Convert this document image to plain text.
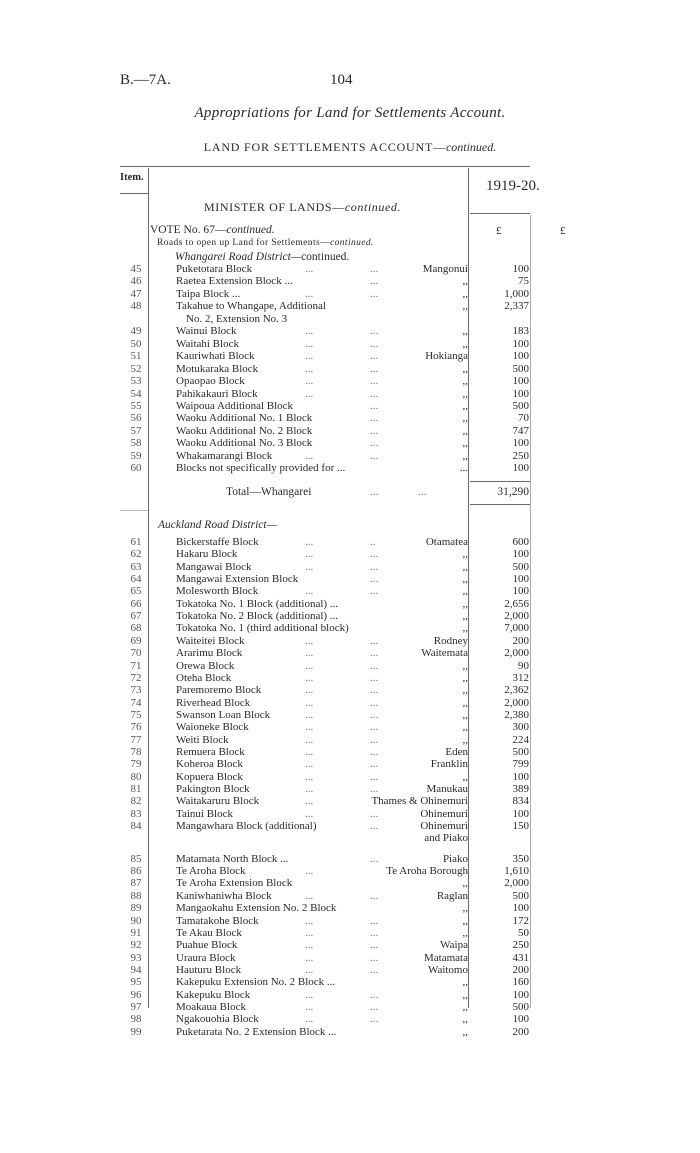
B.—7A.	104
Appropriations for Land for Settlements Account.
LAND FOR SETTLEMENTS ACCOUNT—continued.
Item.
1919-20.
MINISTER OF LANDS—continued.
VOTE No. 67—continued.	£	£
Roads to open up Land for Settlements—continued.
Whangarei Road District—continued.
45	Puketotara Block	...	...	Mangonui	100
46	Raetea Extension Block ...	...	,,	75
47	Taipa Block ...	...	...	,,	1,000
48	Takahue to Whangape, Additional	,,	2,337
No. 2, Extension No. 3
49	Wainui Block	...	...	,,	183
50	Waitahi Block	...	...	,,	100
51	Kauriwhati Block	...	...	Hokianga	100
52	Motukaraka Block	...	...	,,	500
53	Opaopao Block	...	...	,,	100
54	Pahikakauri Block	...	...	,,	100
55	Waipoua Additional Block	...	,,	500
56	Waoku Additional No. 1 Block	...	,,	70
57	Waoku Additional No. 2 Block	...	,,	747
58	Waoku Additional No. 3 Block	...	,,	100
59	Whakamarangi Block	...	...	,,	250
60	Blocks not specifically provided for ...	...	100
Total—Whangarei	...	...	31,290
Auckland Road District—
61	Bickerstaffe Block	...	..	Otamatea	600
62	Hakaru Block	...	...	,,	100
63	Mangawai Block	...	...	,,	500
64	Mangawai Extension Block	...	,,	100
65	Molesworth Block	...	...	,,	100
66	Tokatoka No. 1 Block (additional) ...	,,	2,656
67	Tokatoka No. 2 Block (additional) ...	,,	2,000
68	Tokatoka No. 1 (third additional block)	,,	7,000
69	Waiteitei Block	...	...	Rodney	200
70	Ararimu Block	...	...	Waitemata	2,000
71	Orewa Block	...	...	,,	90
72	Oteha Block	...	...	,,	312
73	Paremoremo Block	...	...	,,	2,362
74	Riverhead Block	...	...	,,	2,000
75	Swanson Loan Block	...	...	,,	2,380
76	Waioneke Block	...	...	,,	300
77	Weiti Block	...	...	,,	224
78	Remuera Block	...	...	Eden	500
79	Koheroa Block	...	...	Franklin	799
80	Kopuera Block	...	...	,,	100
81	Pakington Block	...	...	Manukau	389
82	Waitakaruru Block	...	Thames & Ohinemuri	834
83	Tainui Block	...	...	Ohinemuri	100
84	Mangawhara Block (additional)	...	Ohinemuri	150
and Piako
85	Matamata North Block ...	...	Piako	350
86	Te Aroha Block	...	Te Aroha Borough	1,610
87	Te Aroha Extension Block	,,	2,000
88	Kaniwhaniwha Block	...	...	Raglan	500
89	Mangaokahu Extension No. 2 Block	,,	100
90	Tamatakohe Block	...	...	,,	172
91	Te Akau Block	...	...	,,	50
92	Puahue Block	...	...	Waipa	250
93	Uraura Block	...	...	Matamata	431
94	Hauturu Block	...	...	Waitomo	200
95	Kakepuku Extension No. 2 Block ...	,,	160
96	Kakepuku Block	...	...	,,	100
97	Moakaua Block	...	...	,,	500
98	Ngakouohia Block	...	...	,,	100
99	Puketarata No. 2 Extension Block ...	,,	200
